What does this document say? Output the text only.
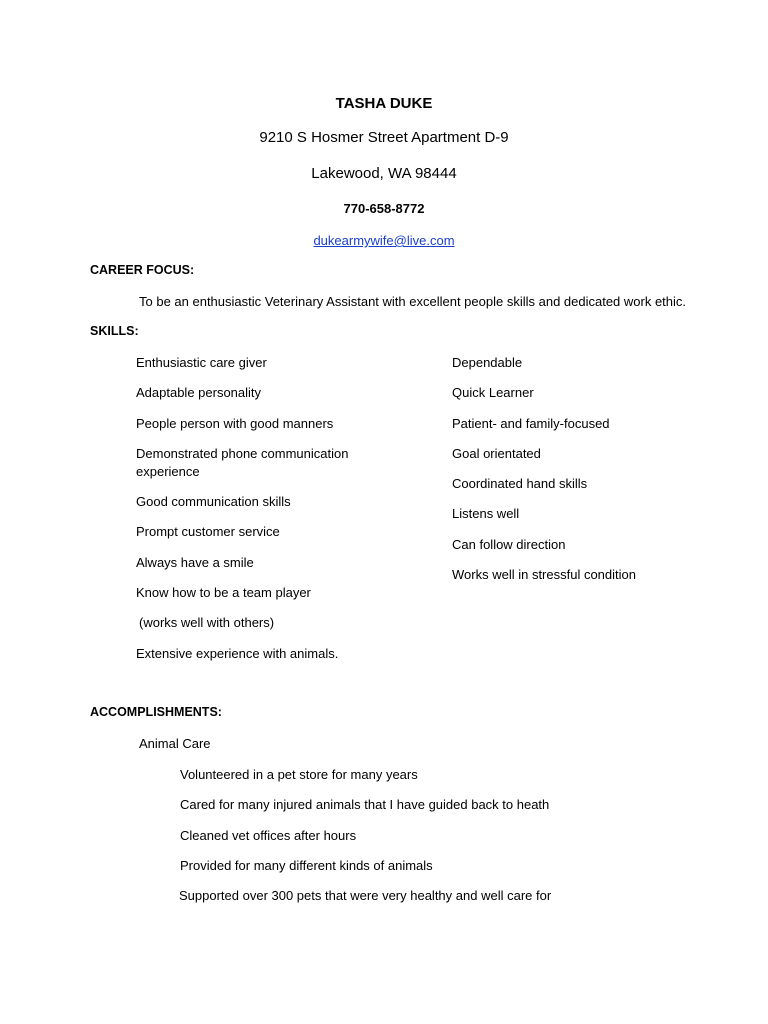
TASHA DUKE
9210 S Hosmer Street Apartment D-9
Lakewood, WA 98444
770-658-8772
dukearmywife@live.com
CAREER FOCUS:
To be an enthusiastic Veterinary Assistant with excellent people skills and dedicated work ethic.
SKILLS:
Enthusiastic care giver
Adaptable personality
People person with good manners
Demonstrated phone communication experience
Good communication skills
Prompt customer service
Always have a smile
Know how to be a team player
(works well with others)
Extensive experience with animals.
Dependable
Quick Learner
Patient- and family-focused
Goal orientated
Coordinated hand skills
Listens well
Can follow direction
Works well in stressful condition
ACCOMPLISHMENTS:
Animal Care
Volunteered in a pet store for many years
Cared for many injured animals that I have guided back to heath
Cleaned vet offices after hours
Provided for many different kinds of animals
Supported over 300 pets that were very healthy and well care for
